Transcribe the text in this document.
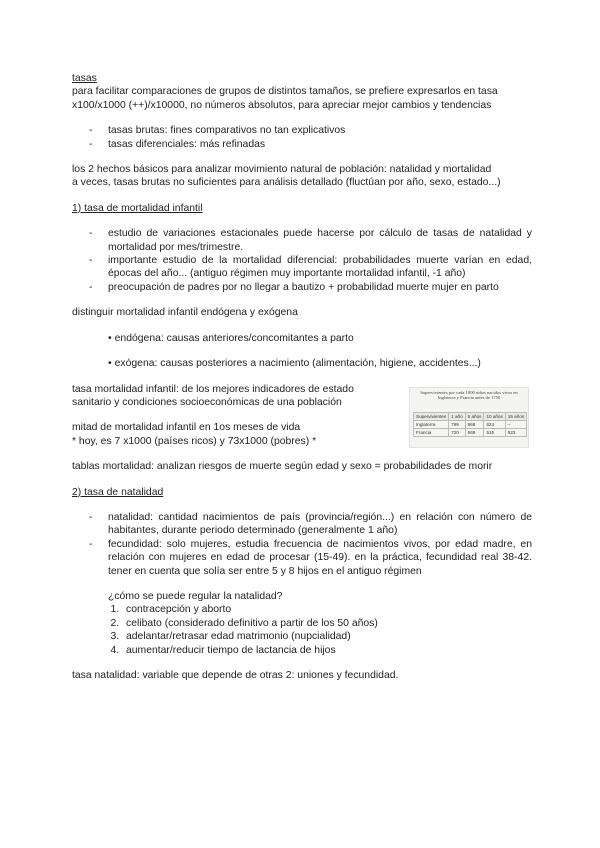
tasas

para facilitar comparaciones de grupos de distintos tamaños, se prefiere expresarlos en tasa

x100/x1000 (++)/x10000, no números absolutos, para apreciar mejor cambios y tendencias

- tasas brutas: fines comparativos no tan explicativos
- tasas diferenciales: más refinadas

los 2 hechos básicos para analizar movimiento natural de población: natalidad y mortalidad

a veces, tasas brutas no suficientes para análisis detallado (fluctúan por año, sexo, estado...)

1) tasa de mortalidad infantil

- estudio de variaciones estacionales puede hacerse por cálculo de tasas de natalidad y mortalidad por mes/trimestre.
- importante estudio de la mortalidad diferencial: probabilidades muerte varían en edad, épocas del año... (antiguo régimen muy importante mortalidad infantil, -1 año)
- preocupación de padres por no llegar a bautizo + probabilidad muerte mujer en parto

distinguir mortalidad infantil endógena y exógena

• endógena: causas anteriores/concomitantes a parto

• exógena: causas posteriores a nacimiento (alimentación, higiene, accidentes...)

tasa mortalidad infantil: de los mejores indicadores de estado

sanitario y condiciones socioeconómicas de una población

mitad de mortalidad infantil en 1os meses de vida

* hoy, es 7 x1000 (países ricos) y 73x1000 (pobres) *

Supervivientes por cada 1000 niños nacidos vivos en Inglaterra y Francia antes de 1750
Supervivientes	1 año	5 años	10 años	15 años
Inglaterra	799	668	624	–
Francia	720	569	516	523

tablas mortalidad: analizan riesgos de muerte según edad y sexo = probabilidades de morir

2) tasa de natalidad

- natalidad: cantidad nacimientos de país (provincia/región...) en relación con número de habitantes, durante periodo determinado (generalmente 1 año)
- fecundidad: solo mujeres, estudia frecuencia de nacimientos vivos, por edad madre, en relación con mujeres en edad de procesar (15-49). en la práctica, fecundidad real 38-42. tener en cuenta que solía ser entre 5 y 8 hijos en el antiguo régimen

¿cómo se puede regular la natalidad?

1. contracepción y aborto
2. celibato (considerado definitivo a partir de los 50 años)
3. adelantar/retrasar edad matrimonio (nupcialidad)
4. aumentar/reducir tiempo de lactancia de hijos

tasa natalidad: variable que depende de otras 2: uniones y fecundidad.
